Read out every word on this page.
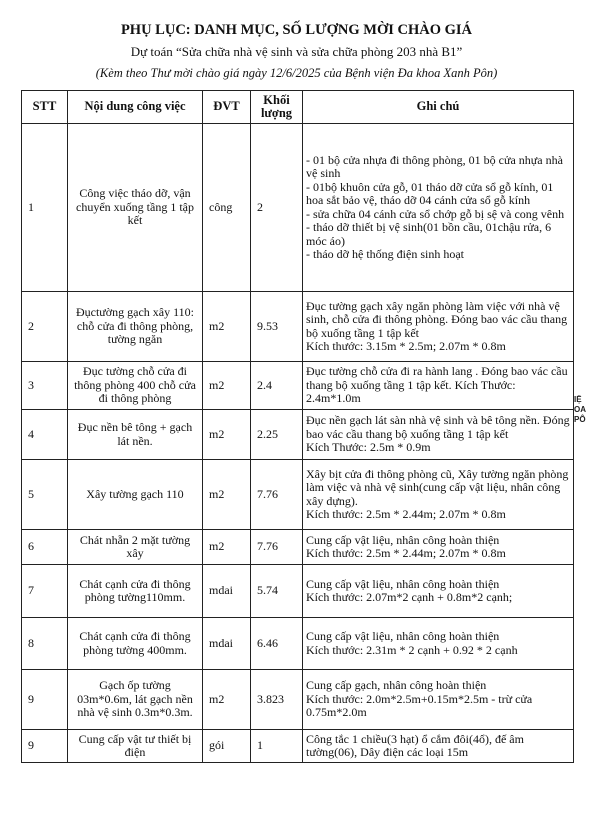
PHỤ LỤC: DANH MỤC, SỐ LƯỢNG MỜI CHÀO GIÁ
Dự toán “Sửa chữa nhà vệ sinh và sửa chữa phòng 203 nhà B1”
(Kèm theo Thư mời chào giá ngày 12/6/2025 của Bệnh viện Đa khoa Xanh Pôn)
STT	Nội dung công việc	ĐVT	Khối lượng	Ghi chú
1	Công việc tháo dỡ, vận chuyển xuống tầng 1 tập kết	công	2	- 01 bộ cửa nhựa đi thông phòng, 01 bộ cửa nhựa nhà vệ sinh
- 01bộ khuôn cửa gỗ, 01 tháo dỡ cửa sổ gỗ kính, 01 hoa sắt bảo vệ, tháo dỡ 04 cánh cửa sổ gỗ kính
- sửa chữa 04 cánh cửa sổ chớp gỗ bị sệ và cong vênh
- tháo dỡ thiết bị vệ sinh(01 bồn cầu, 01chậu rửa, 6 móc áo)
- tháo dỡ hệ thống điện sinh hoạt

2	Đụctường gạch xây 110: chỗ cửa đi thông phòng, tường ngăn	m2	9.53	Đục tường gạch xây ngăn phòng làm việc với nhà vệ sinh, chỗ cửa đi thông phòng. Đóng bao vác cầu thang bộ xuống tầng 1 tập kết
Kích thước: 3.15m * 2.5m; 2.07m * 0.8m

3	Đục tường chỗ cửa đi thông phòng 400 chỗ cửa đi thông phòng	m2	2.4	Đục tường chỗ cửa đi ra hành lang . Đóng bao vác cầu thang bộ xuống tầng 1 tập kết. Kích Thước: 2.4m*1.0m

4	Đục nền bê tông + gạch lát nền.	m2	2.25	Đục nền gạch lát sàn nhà vệ sinh và bê tông nền. Đóng bao vác cầu thang bộ xuống tầng 1 tập kết
Kích Thước: 2.5m * 0.9m

5	Xây tường gạch 110	m2	7.76	Xây bịt cửa đi thông phòng cũ, Xây tường ngăn phòng làm việc và nhà vệ sinh(cung cấp vật liệu, nhân công xây dựng).
Kích thước: 2.5m * 2.44m; 2.07m * 0.8m

6	Chát nhẵn 2 mặt tường xây	m2	7.76	Cung cấp vật liệu, nhân công hoàn thiện
Kích thước: 2.5m * 2.44m; 2.07m * 0.8m

7	Chát cạnh cửa đi thông phòng tường110mm.	mdai	5.74	Cung cấp vật liệu, nhân công hoàn thiện
Kích thước: 2.07m*2 cạnh + 0.8m*2 cạnh;

8	Chát cạnh cửa đi thông phòng tường 400mm.	mdai	6.46	Cung cấp vật liệu, nhân công hoàn thiện
Kích thước: 2.31m * 2 cạnh + 0.92 * 2 cạnh

9	Gạch ốp tường 03m*0.6m, lát gạch nền nhà vệ sinh 0.3m*0.3m.	m2	3.823	Cung cấp gạch, nhân công hoàn thiện
Kích thước: 2.0m*2.5m+0.15m*2.5m - trừ cửa 0.75m*2.0m

9	Cung cấp vật tư thiết bị điện	gói	1	Công tắc 1 chiều(3 hạt) ổ cắm đôi(4ổ), đế âm tường(06), Dây điện các loại 15m
IỆ
OA
PÔ
